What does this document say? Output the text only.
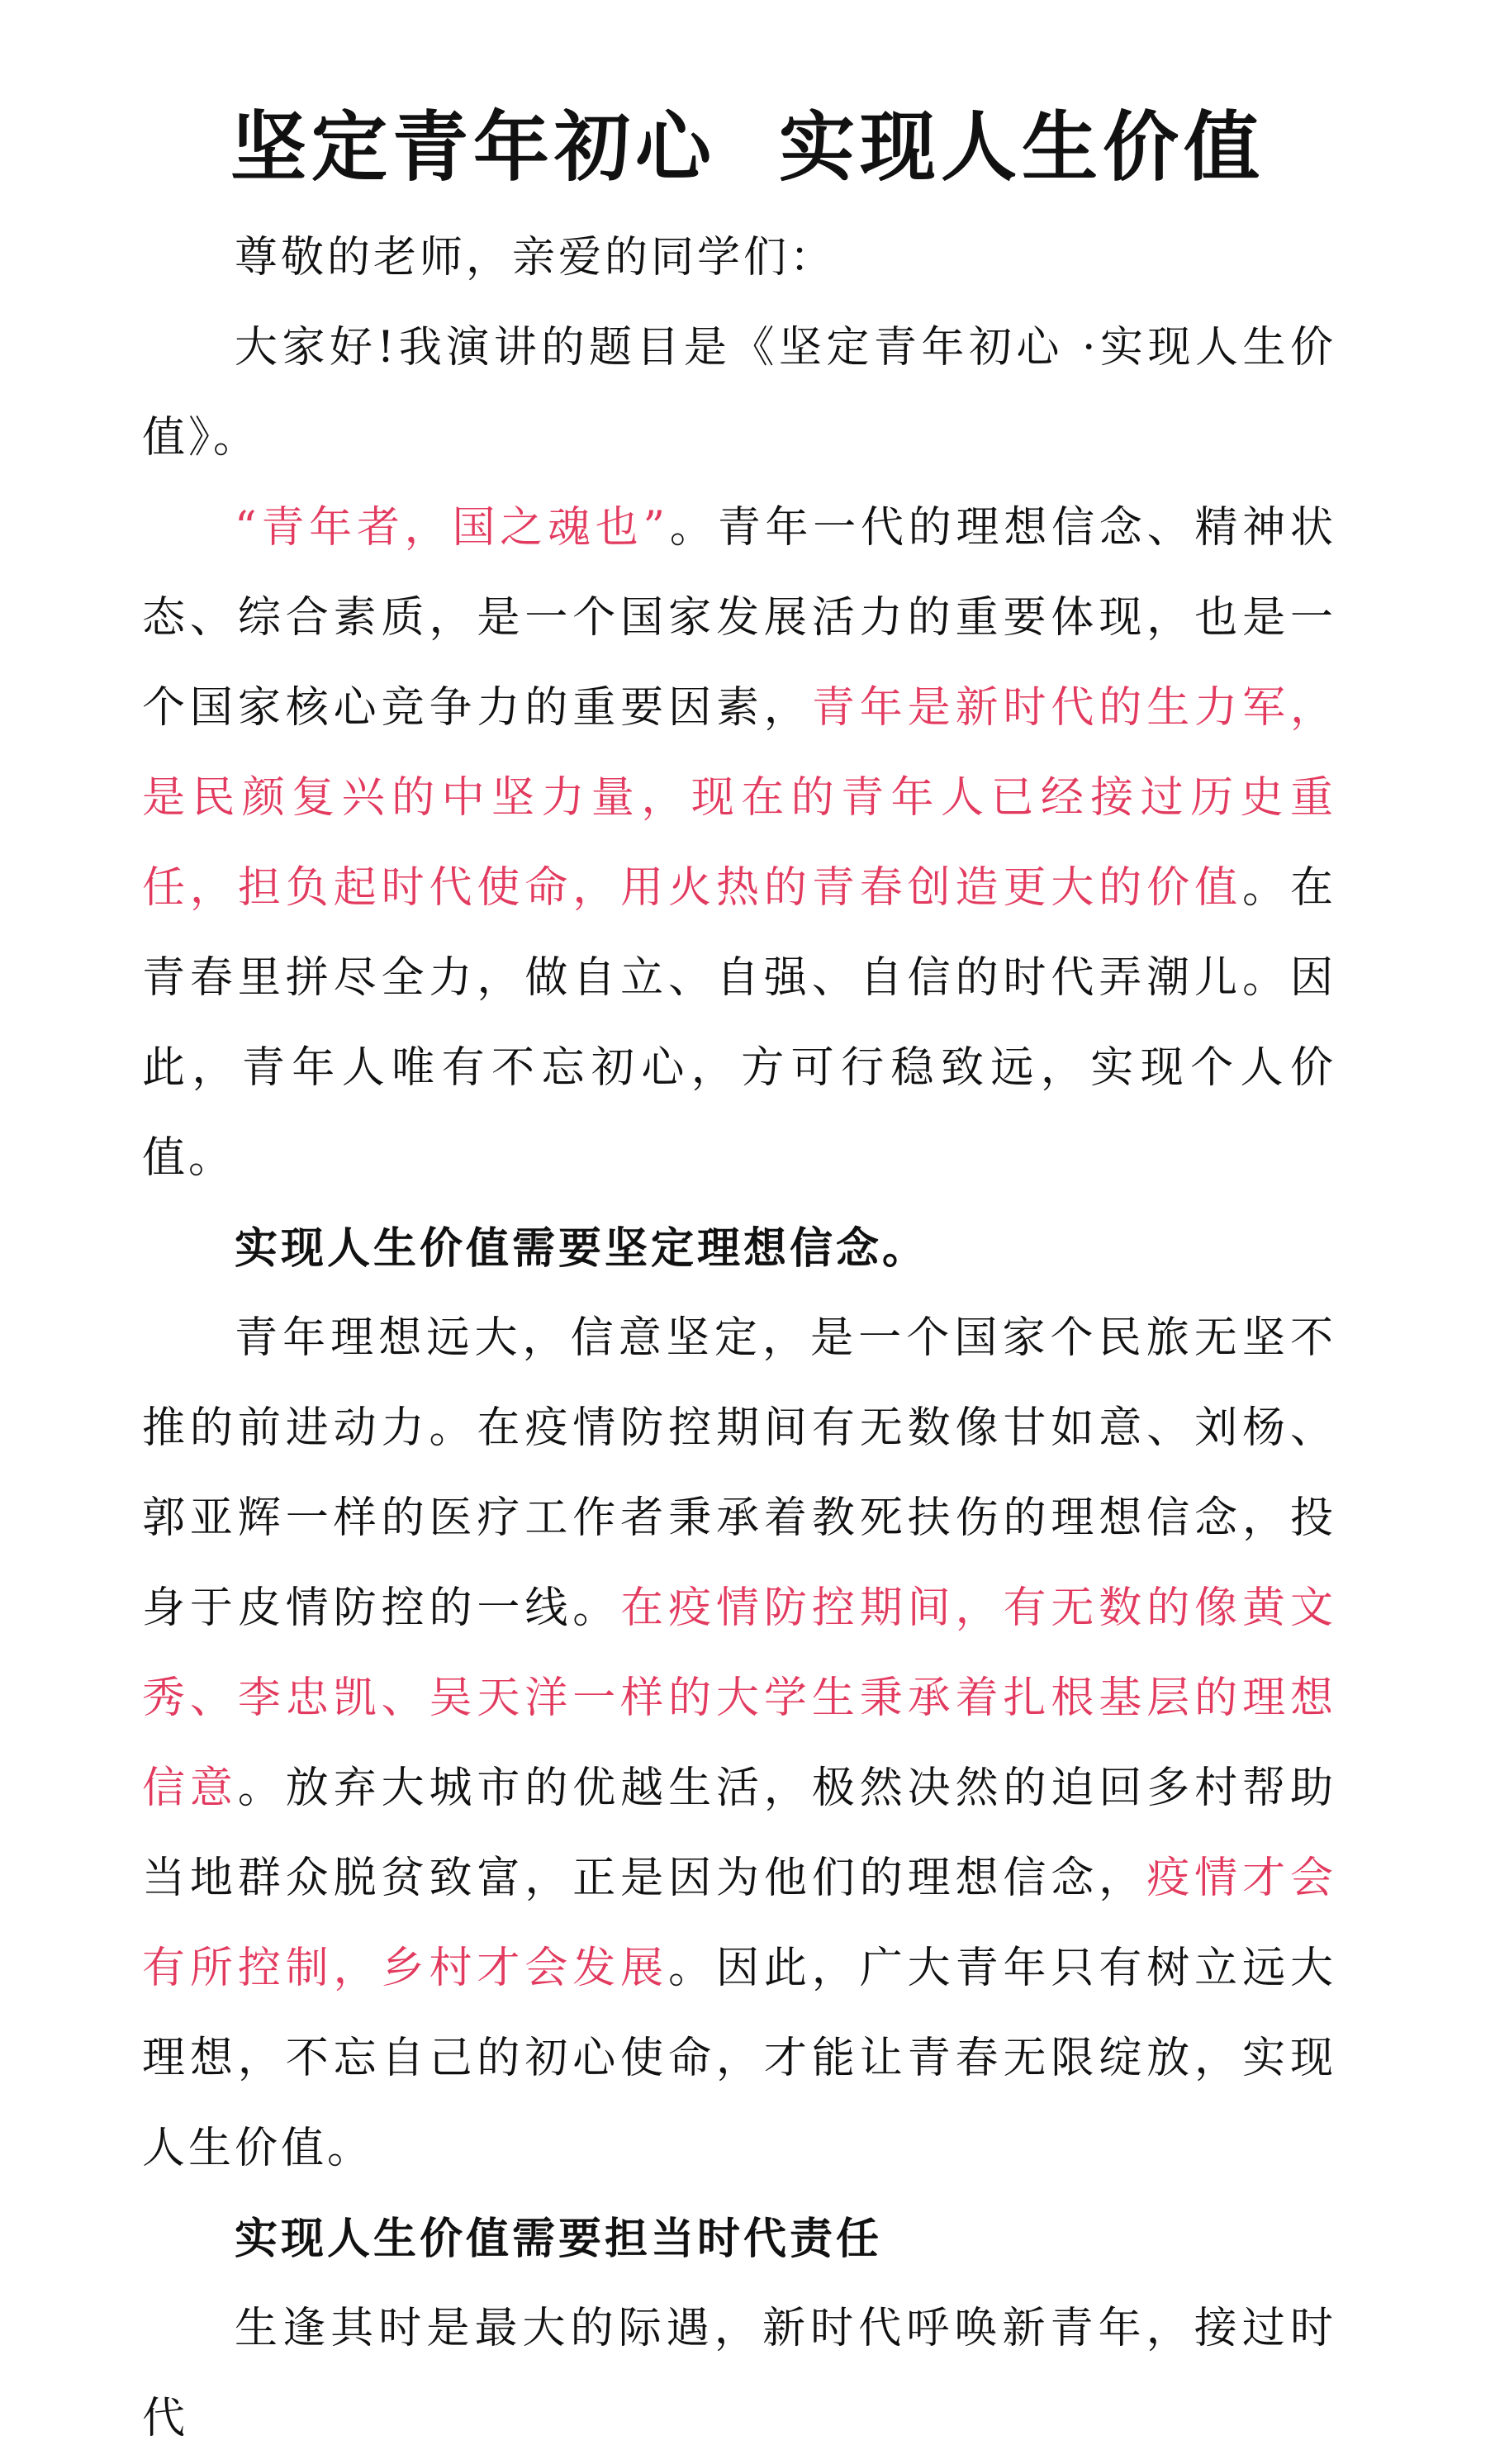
坚定青年初心  实现人生价值

尊敬的老师，亲爱的同学们：

大家好!我演讲的题目是《坚定青年初心 ·实现人生价值》。

“青年者，国之魂也”。青年一代的理想信念、精神状态、综合素质，是一个国家发展活力的重要体现，也是一个国家核心竞争力的重要因素，青年是新时代的生力军，是民颜复兴的中坚力量，现在的青年人已经接过历史重任，担负起时代使命，用火热的青春创造更大的价值。在青春里拼尽全力，做自立、自强、自信的时代弄潮儿。因此，青年人唯有不忘初心，方可行稳致远，实现个人价值。

实现人生价值需要坚定理想信念。

青年理想远大，信意坚定，是一个国家个民旅无坚不推的前进动力。在疫情防控期间有无数像甘如意、刘杨、郭亚辉一样的医疗工作者秉承着教死扶伤的理想信念，投身于皮情防控的一线。在疫情防控期间，有无数的像黄文秀、李忠凯、吴天洋一样的大学生秉承着扎根基层的理想信意。放弃大城市的优越生活，极然决然的迫回多村帮助当地群众脱贫致富，正是因为他们的理想信念，疫情才会有所控制，乡村才会发展。因此，广大青年只有树立远大理想，不忘自己的初心使命，才能让青春无限绽放，实现人生价值。

实现人生价值需要担当时代责任

生逢其时是最大的际遇，新时代呼唤新青年，接过时代
